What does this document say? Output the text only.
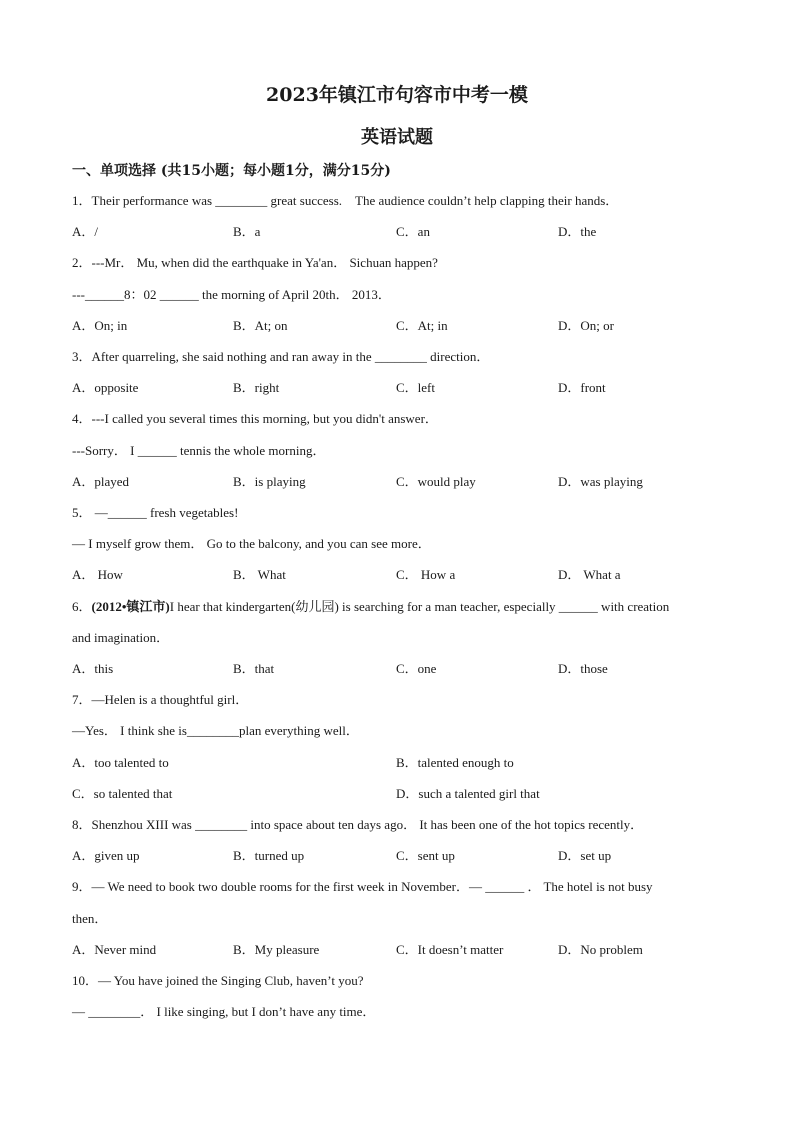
2023年镇江市句容市中考一模
英语试题
一、单项选择 (共15小题；每小题1分，满分15分)
1．Their performance was ________ great success.　The audience couldn’t help clapping their hands．
A．/	B．a	C．an	D．the
2．---Mr． Mu, when did the earthquake in Ya'an． Sichuan happen?
---______8：02 ______ the morning of April 20th． 2013．
A．On; in	B．At; on	C．At; in	D．On; or
3．After quarreling, she said nothing and ran away in the ________ direction．
A．opposite	B．right	C．left	D．front
4．---I called you several times this morning, but you didn't answer．
---Sorry． I ______ tennis the whole morning．
A．played	B．is playing	C．would play	D．was playing
5． —______ fresh vegetables!
— I myself grow them． Go to the balcony, and you can see more．
A． How	B． What	C． How a	D． What a
6．(2012•镇江市)I hear that kindergarten(幼儿园) is searching for a man teacher, especially ______ with creation
and imagination．
A．this	B．that	C．one	D．those
7．—Helen is a thoughtful girl．
—Yes． I think she is________plan everything well．
A．too talented to	B．talented enough to
C．so talented that	D．such a talented girl that
8．Shenzhou XIII was ________ into space about ten days ago． It has been one of the hot topics recently．
A．given up	B．turned up	C．sent up	D．set up
9．— We need to book two double rooms for the first week in November．— ______ ． The hotel is not busy
then．
A．Never mind	B．My pleasure	C．It doesn’t matter	D．No problem
10．— You have joined the Singing Club, haven’t you?
— ________． I like singing, but I don’t have any time．
